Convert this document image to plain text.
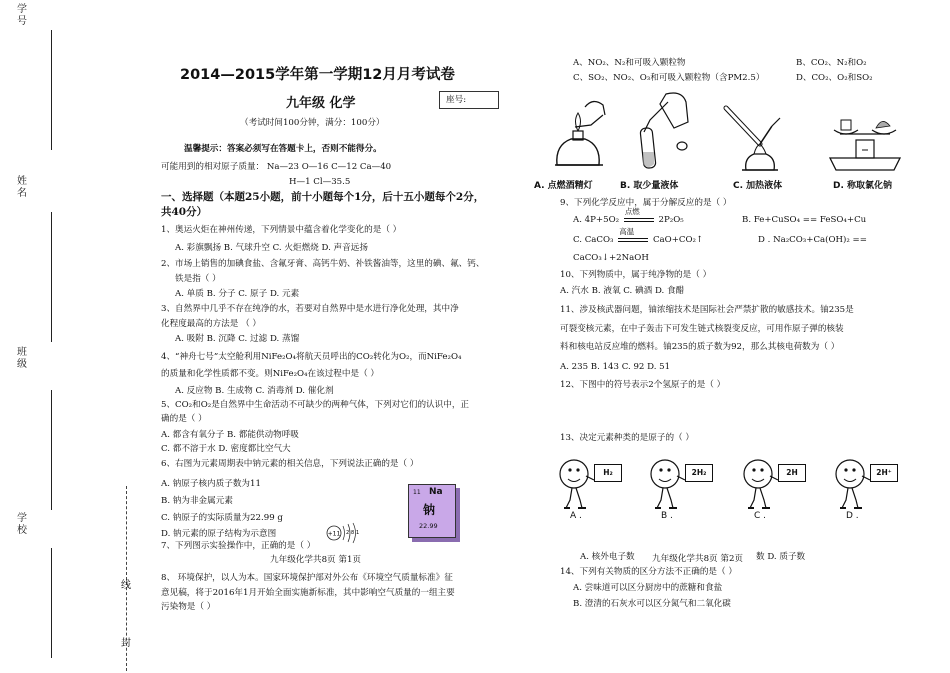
学号
姓名
班级
学校
线
封
2014—2015学年第一学期12月月考试卷
九年级 化学	座号:
（考试时间100分钟，满分：100分）
温馨提示：答案必须写在答题卡上，否则不能得分。
可能用到的相对原子质量： Na—23 O—16 C—12 Ca—40
H—1 Cl—35.5
一、选择题（本题25小题，前十小题每个1分，后十五小题每个2分，
共40分）
1、奥运火炬在神州传递，下列情景中蕴含着化学变化的是（ ）
A. 彩旗飘扬 B. 气球升空 C. 火炬燃烧 D. 声音远扬
2、市场上销售的加碘食盐、含氟牙膏、高钙牛奶、补铁酱油等，这里的碘、氟、钙、
铁是指（ ）
A. 单质 B. 分子 C. 原子 D. 元素
3、自然界中几乎不存在纯净的水，若要对自然界中是水进行净化处理，其中净
化程度最高的方法是 （ ）
A. 吸附 B. 沉降 C. 过滤 D. 蒸馏
4、“神舟七号”太空舱利用NiFe₂O₄将航天员呼出的CO₂转化为O₂，而NiFe₂O₄
的质量和化学性质都不变。则NiFe₂O₄在该过程中是（ ）
A. 反应物 B. 生成物 C. 消毒剂 D. 催化剂
5、CO₂和O₂是自然界中生命活动不可缺少的两种气体，下列对它们的认识中，正
确的是（ ）
A. 都含有氧分子 B. 都能供动物呼吸
C. 都不溶于水 D. 密度都比空气大
6、右图为元素周期表中钠元素的相关信息，下列说法正确的是（ ）
A. 钠原子核内质子数为11
B. 钠为非金属元素
C. 钠原子的实际质量为22.99 g
D. 钠元素的原子结构为示意图
7、下列图示实验操作中，正确的是（ ）
+11 2 8 1
11 Na
钠
22.99
九年级化学共8页 第1页
8、 环境保护，以人为本。国家环境保护部对外公布《环境空气质量标准》征
意见稿，将于2016年1月开始全面实施新标准，其中影响空气质量的一组主要
污染物是（ ）
A、NO₂、N₂和可吸入颗粒物	B、CO₂、N₂和O₂
C、SO₂、NO₂、O₃和可吸入颗粒物（含PM2.5）	D、CO₂、O₂和SO₂
A. 点燃酒精灯	B. 取少量液体	C. 加热液体	D. 称取氯化钠
9、下列化学反应中，属于分解反应的是（ ）
A. 4P+5O₂
点燃
2P₂O₅	B. Fe+CuSO₄ == FeSO₄+Cu
C. CaCO₃
高温
CaO+CO₂↑	D . Na₂CO₃+Ca(OH)₂ ==
CaCO₃↓+2NaOH
10、下列物质中，属于纯净物的是（ ）
A. 汽水 B. 液氧 C. 碘酒 D. 食醋
11、涉及核武器问题，铀浓缩技术是国际社会严禁扩散的敏感技术。铀235是
可裂变核元素，在中子轰击下可发生链式核裂变反应，可用作原子弹的核装
料和核电站反应堆的燃料。铀235的质子数为92，那么其核电荷数为（ ）
A. 235 B. 143 C. 92 D. 51
12、下图中的符号表示2个氢原子的是（ ）
13、决定元素种类的是原子的（ ）
H₂
A .
2H₂
B .
2H
C .
2H⁺
D .
A. 核外电子数 九年级化学共8页 第2页 数 D. 质子数
14、下列有关物质的区分方法不正确的是（ ）
A. 尝味道可以区分厨房中的蔗糖和食盐
B. 澄清的石灰水可以区分氮气和二氧化碳
